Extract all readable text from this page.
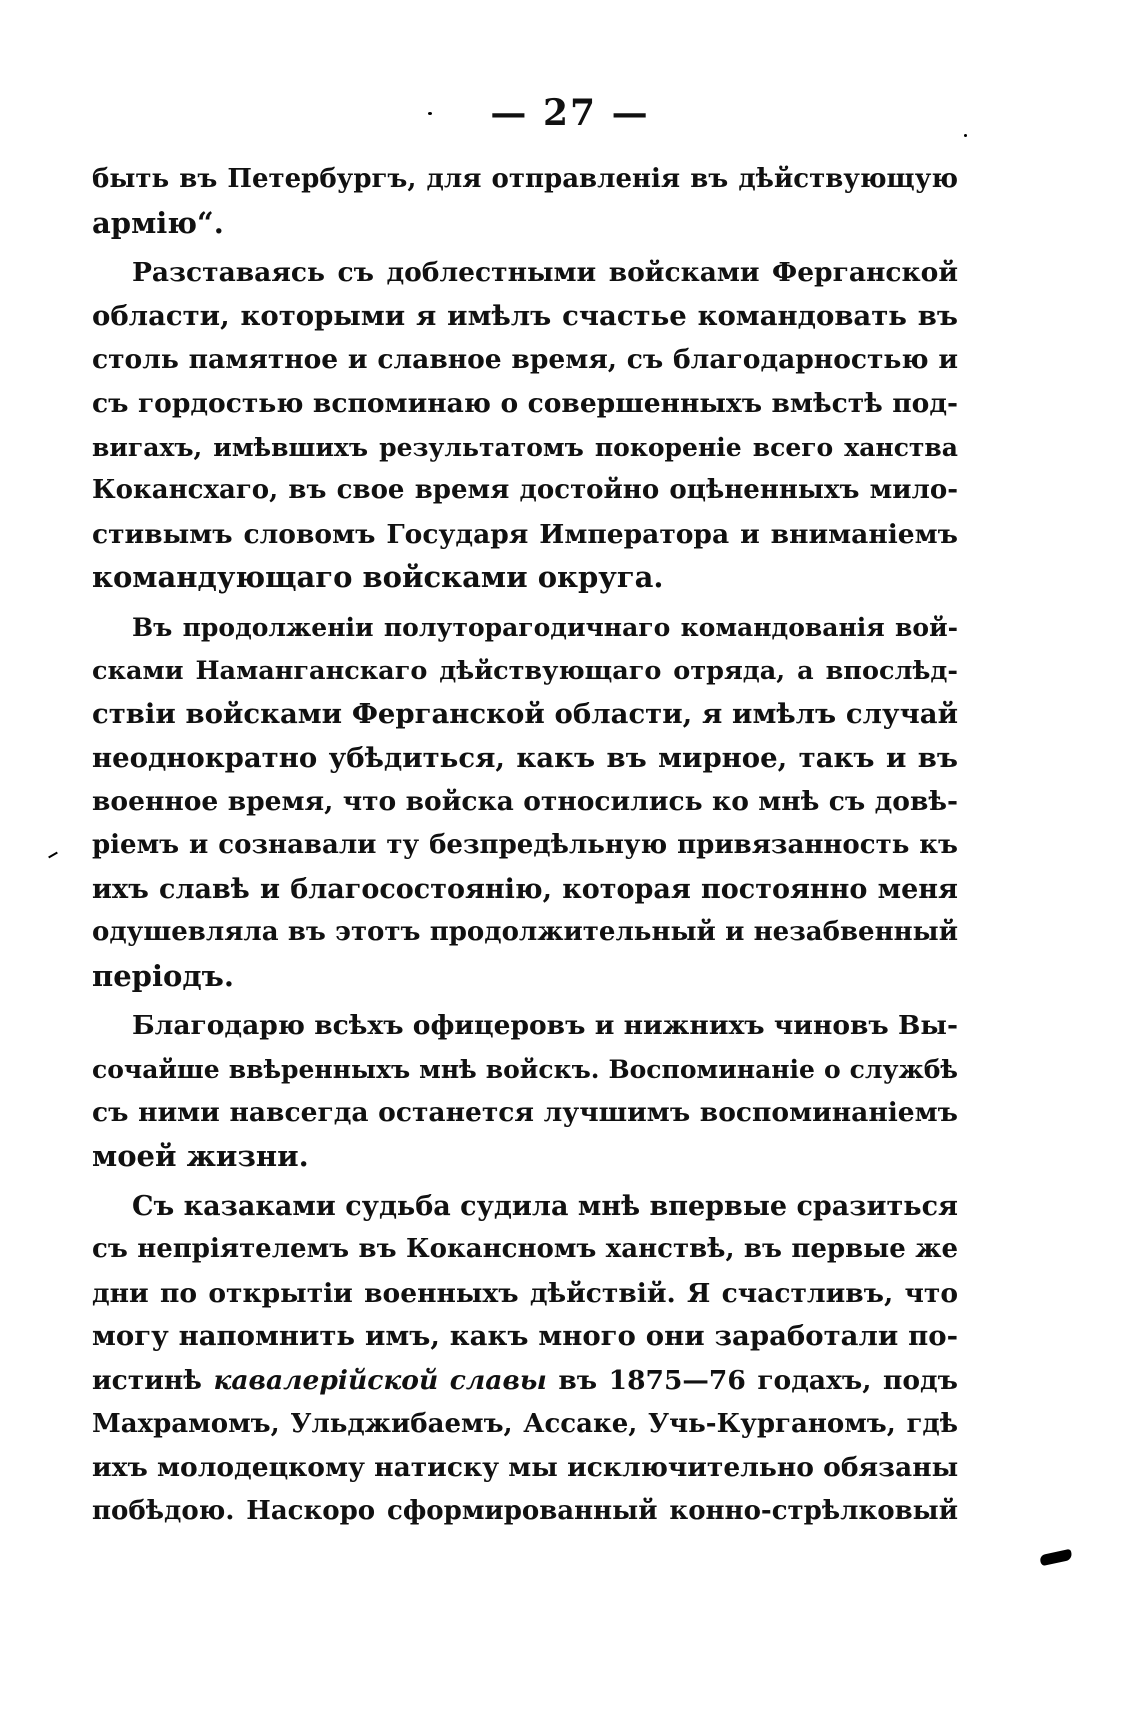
— 27 —
быть въ Петербургъ, для отправленія въ дѣйствующую
армію“.
Разставаясь съ доблестными войсками Ферганской
области, которыми я имѣлъ счастье командовать въ
столь памятное и славное время, съ благодарностью и
съ гордостью вспоминаю о совершенныхъ вмѣстѣ под-
вигахъ, имѣвшихъ результатомъ покореніе всего ханства
Кокансхаго, въ свое время достойно оцѣненныхъ мило-
стивымъ словомъ Государя Императора и вниманіемъ
командующаго войсками округа.
Въ продолженіи полуторагодичнаго командованія вой-
сками Наманганскаго дѣйствующаго отряда, а впослѣд-
ствіи войсками Ферганской области, я имѣлъ случай
неоднократно убѣдиться, какъ въ мирное, такъ и въ
военное время, что войска относились ко мнѣ съ довѣ-
ріемъ и сознавали ту безпредѣльную привязанность къ
ихъ славѣ и благосостоянію, которая постоянно меня
одушевляла въ этотъ продолжительный и незабвенный
періодъ.
Благодарю всѣхъ офицеровъ и нижнихъ чиновъ Вы-
сочайше ввѣренныхъ мнѣ войскъ. Воспоминаніе о службѣ
съ ними навсегда останется лучшимъ воспоминаніемъ
моей жизни.
Съ казаками судьба судила мнѣ впервые сразиться
съ непріятелемъ въ Кокансномъ ханствѣ, въ первые же
дни по открытіи военныхъ дѣйствій. Я счастливъ, что
могу напомнить имъ, какъ много они заработали по-
истинѣ кавалерійской славы въ 1875—76 годахъ, подъ
Махрамомъ, Ульджибаемъ, Ассаке, Учь-Курганомъ, гдѣ
ихъ молодецкому натиску мы исключительно обязаны
побѣдою. Наскоро сформированный конно-стрѣлковый
